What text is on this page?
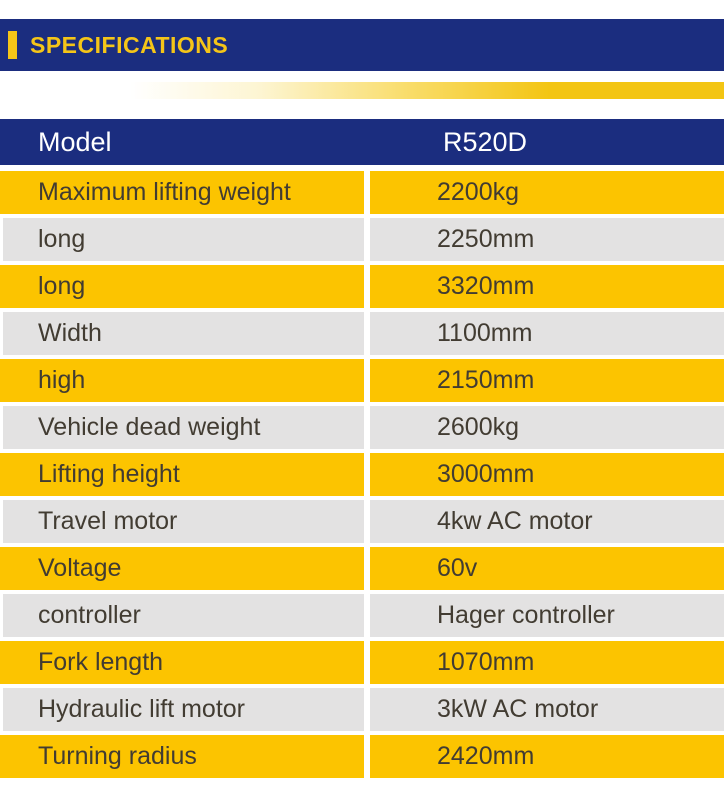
SPECIFICATIONS
Model	R520D
Maximum lifting weight	2200kg
long	2250mm
long	3320mm
Width	1100mm
high	2150mm
Vehicle dead weight	2600kg
Lifting height	3000mm
Travel motor	4kw AC motor
Voltage	60v
controller	Hager controller
Fork length	1070mm
Hydraulic lift motor	3kW AC motor
Turning radius	2420mm
